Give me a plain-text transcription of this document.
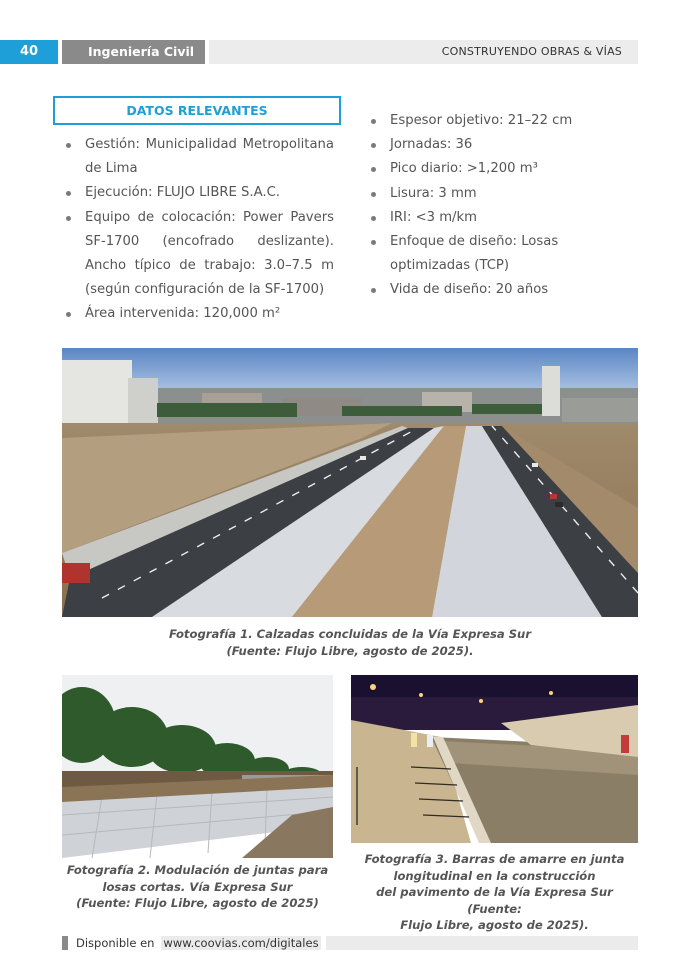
40	Ingeniería Civil	CONSTRUYENDO OBRAS & VÍAS
DATOS RELEVANTES
Gestión: Municipalidad Metropolitana de Lima
Ejecución: FLUJO LIBRE S.A.C.
Equipo de colocación: Power Pavers SF-1700 (encofrado deslizante). Ancho típico de trabajo: 3.0–7.5 m (según configuración de la SF-1700)
Área intervenida: 120,000 m²
Espesor objetivo: 21–22 cm
Jornadas: 36
Pico diario: >1,200 m³
Lisura: 3 mm
IRI: <3 m/km
Enfoque de diseño: Losas optimizadas (TCP)
Vida de diseño: 20 años
Fotografía 1. Calzadas concluidas de la Vía Expresa Sur
(Fuente: Flujo Libre, agosto de 2025).
Fotografía 2. Modulación de juntas para
losas cortas. Vía Expresa Sur
(Fuente: Flujo Libre, agosto de 2025)
Fotografía 3. Barras de amarre en junta
longitudinal en la construcción
del pavimento de la Vía Expresa Sur (Fuente:
Flujo Libre, agosto de 2025).
Disponible en www.coovias.com/digitales
